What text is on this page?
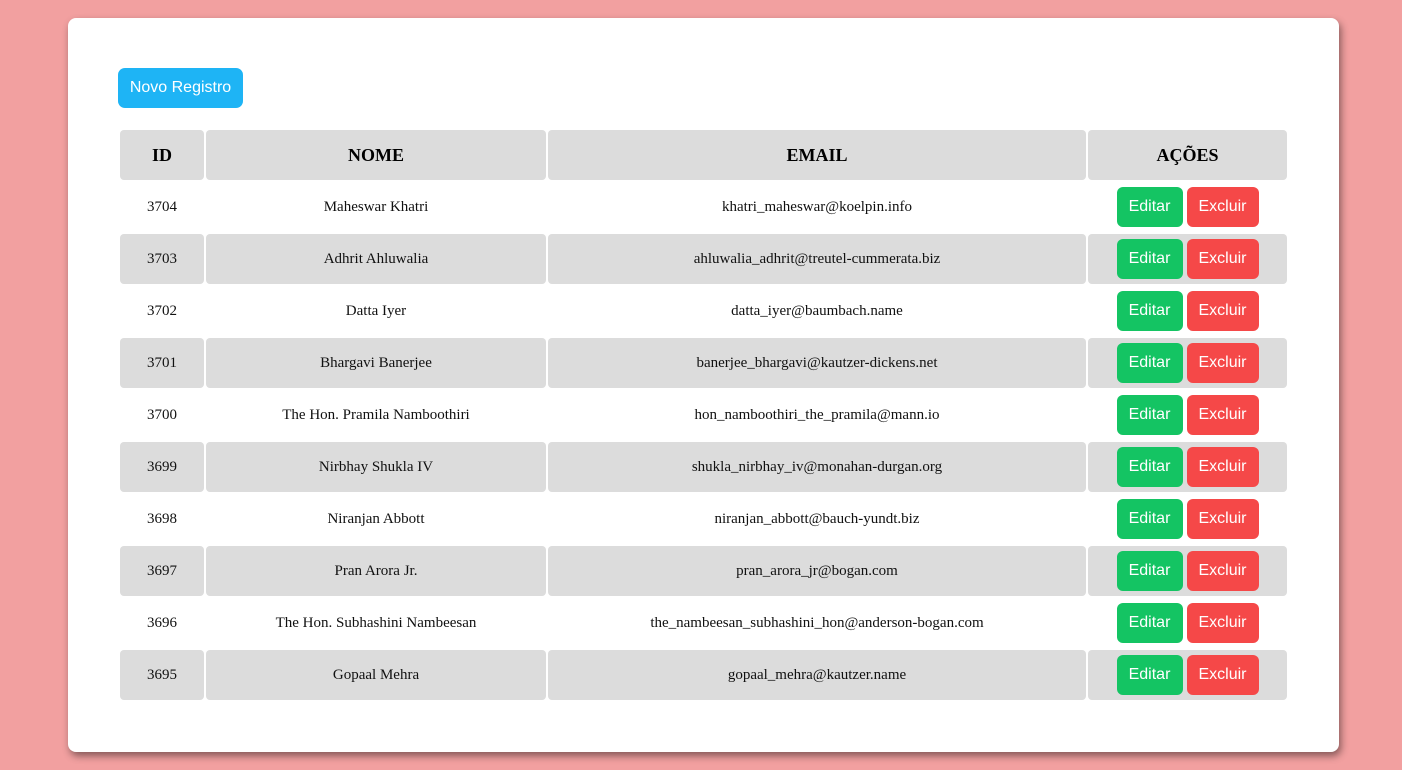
Novo Registro
ID	NOME	EMAIL	AÇÕES
3704	Maheswar Khatri	khatri_maheswar@koelpin.info	Editar Excluir

3703	Adhrit Ahluwalia	ahluwalia_adhrit@treutel-cummerata.biz	Editar Excluir

3702	Datta Iyer	datta_iyer@baumbach.name	Editar Excluir

3701	Bhargavi Banerjee	banerjee_bhargavi@kautzer-dickens.net	Editar Excluir

3700	The Hon. Pramila Namboothiri	hon_namboothiri_the_pramila@mann.io	Editar Excluir

3699	Nirbhay Shukla IV	shukla_nirbhay_iv@monahan-durgan.org	Editar Excluir

3698	Niranjan Abbott	niranjan_abbott@bauch-yundt.biz	Editar Excluir

3697	Pran Arora Jr.	pran_arora_jr@bogan.com	Editar Excluir

3696	The Hon. Subhashini Nambeesan	the_nambeesan_subhashini_hon@anderson-bogan.com	Editar Excluir

3695	Gopaal Mehra	gopaal_mehra@kautzer.name	Editar Excluir
